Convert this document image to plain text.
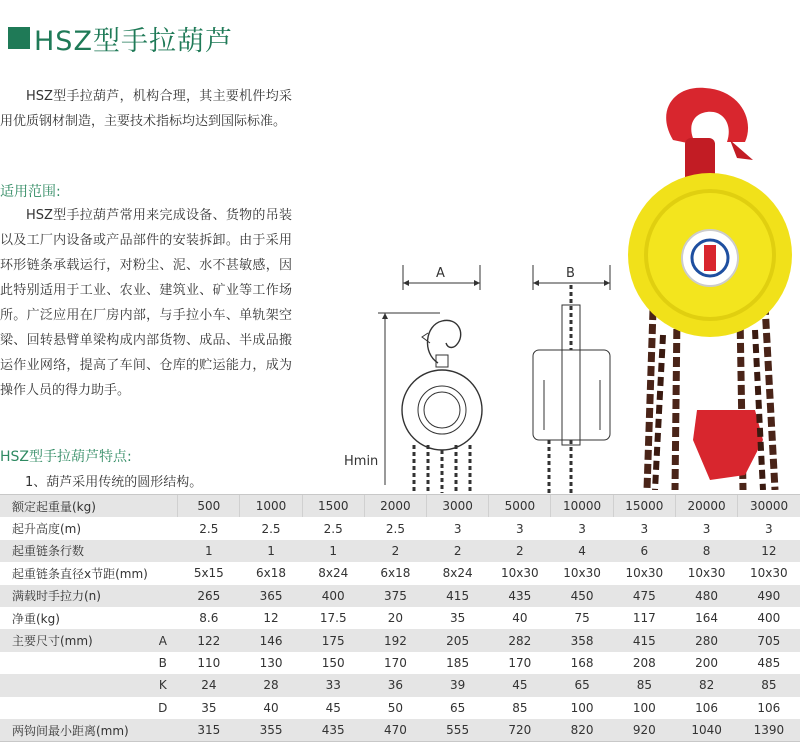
HSZ型手拉葫芦

HSZ型手拉葫芦，机构合理，其主要机件均采用优质钢材制造，主要技术指标均达到国际标准。

适用范围:

HSZ型手拉葫芦常用来完成设备、货物的吊装以及工厂内设备或产品部件的安装拆卸。由于采用环形链条承载运行，对粉尘、泥、水不甚敏感，因此特别适用于工业、农业、建筑业、矿业等工作场所。广泛应用在厂房内部，与手拉小车、单轨架空梁、回转悬臂单梁构成内部货物、成品、半成品搬运作业网络，提高了车间、仓库的贮运能力，成为操作人员的得力助手。

HSZ型手拉葫芦特点:
1、葫芦采用传统的圆形结构。
A	B
Hmin
额定起重量(kg)		500	1000	1500	2000	3000	5000	10000	15000	20000	30000
起升高度(m)		2.5	2.5	2.5	2.5	3	3	3	3	3	3
起重链条行数		1	1	1	2	2	2	4	6	8	12
起重链条直径x节距(mm)		5x15	6x18	8x24	6x18	8x24	10x30	10x30	10x30	10x30	10x30
满载时手拉力(n)		265	365	400	375	415	435	450	475	480	490
净重(kg)		8.6	12	17.5	20	35	40	75	117	164	400
主要尺寸(mm)	A	122	146	175	192	205	282	358	415	280	705
	B	110	130	150	170	185	170	168	208	200	485
	K	24	28	33	36	39	45	65	85	82	85
	D	35	40	45	50	65	85	100	100	106	106
两钩间最小距离(mm)		315	355	435	470	555	720	820	920	1040	1390
